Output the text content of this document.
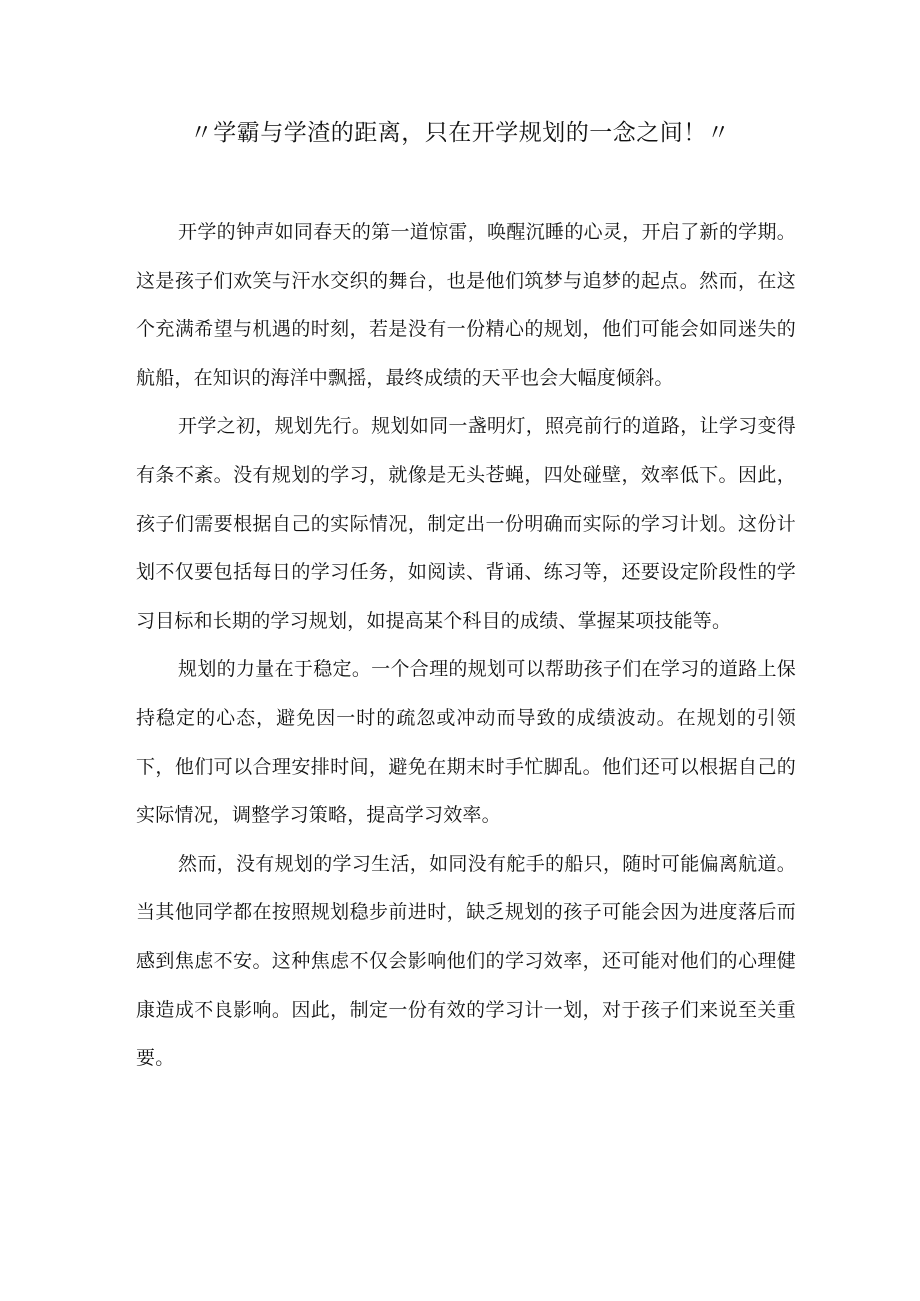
〃学霸与学渣的距离，只在开学规划的一念之间！〃

开学的钟声如同春天的第一道惊雷，唤醒沉睡的心灵，开启了新的学期。这是孩子们欢笑与汗水交织的舞台，也是他们筑梦与追梦的起点。然而，在这个充满希望与机遇的时刻，若是没有一份精心的规划，他们可能会如同迷失的航船，在知识的海洋中飘摇，最终成绩的天平也会大幅度倾斜。

开学之初，规划先行。规划如同一盏明灯，照亮前行的道路，让学习变得有条不紊。没有规划的学习，就像是无头苍蝇，四处碰壁，效率低下。因此，孩子们需要根据自己的实际情况，制定出一份明确而实际的学习计划。这份计划不仅要包括每日的学习任务，如阅读、背诵、练习等，还要设定阶段性的学习目标和长期的学习规划，如提高某个科目的成绩、掌握某项技能等。

规划的力量在于稳定。一个合理的规划可以帮助孩子们在学习的道路上保持稳定的心态，避免因一时的疏忽或冲动而导致的成绩波动。在规划的引领下，他们可以合理安排时间，避免在期末时手忙脚乱。他们还可以根据自己的实际情况，调整学习策略，提高学习效率。

然而，没有规划的学习生活，如同没有舵手的船只，随时可能偏离航道。当其他同学都在按照规划稳步前进时，缺乏规划的孩子可能会因为进度落后而感到焦虑不安。这种焦虑不仅会影响他们的学习效率，还可能对他们的心理健康造成不良影响。因此，制定一份有效的学习计一划，对于孩子们来说至关重要。
